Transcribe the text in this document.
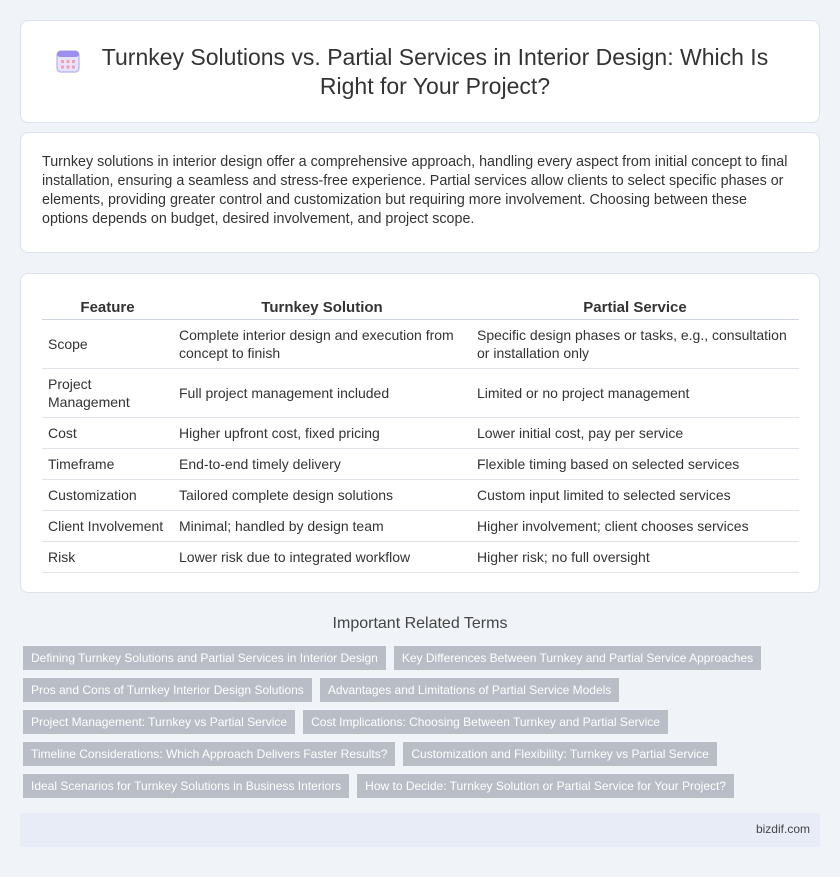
Turnkey Solutions vs. Partial Services in Interior Design: Which Is Right for Your Project?

Turnkey solutions in interior design offer a comprehensive approach, handling every aspect from initial concept to final installation, ensuring a seamless and stress-free experience. Partial services allow clients to select specific phases or elements, providing greater control and customization but requiring more involvement. Choosing between these options depends on budget, desired involvement, and project scope.

Feature	Turnkey Solution	Partial Service
Scope	Complete interior design and execution from concept to finish	Specific design phases or tasks, e.g., consultation or installation only
Project Management	Full project management included	Limited or no project management
Cost	Higher upfront cost, fixed pricing	Lower initial cost, pay per service
Timeframe	End-to-end timely delivery	Flexible timing based on selected services
Customization	Tailored complete design solutions	Custom input limited to selected services
Client Involvement	Minimal; handled by design team	Higher involvement; client chooses services
Risk	Lower risk due to integrated workflow	Higher risk; no full oversight
Important Related Terms
Defining Turnkey Solutions and Partial Services in Interior Design	Key Differences Between Turnkey and Partial Service Approaches
Pros and Cons of Turnkey Interior Design Solutions	Advantages and Limitations of Partial Service Models
Project Management: Turnkey vs Partial Service	Cost Implications: Choosing Between Turnkey and Partial Service
Timeline Considerations: Which Approach Delivers Faster Results?	Customization and Flexibility: Turnkey vs Partial Service
Ideal Scenarios for Turnkey Solutions in Business Interiors	How to Decide: Turnkey Solution or Partial Service for Your Project?
bizdif.com
